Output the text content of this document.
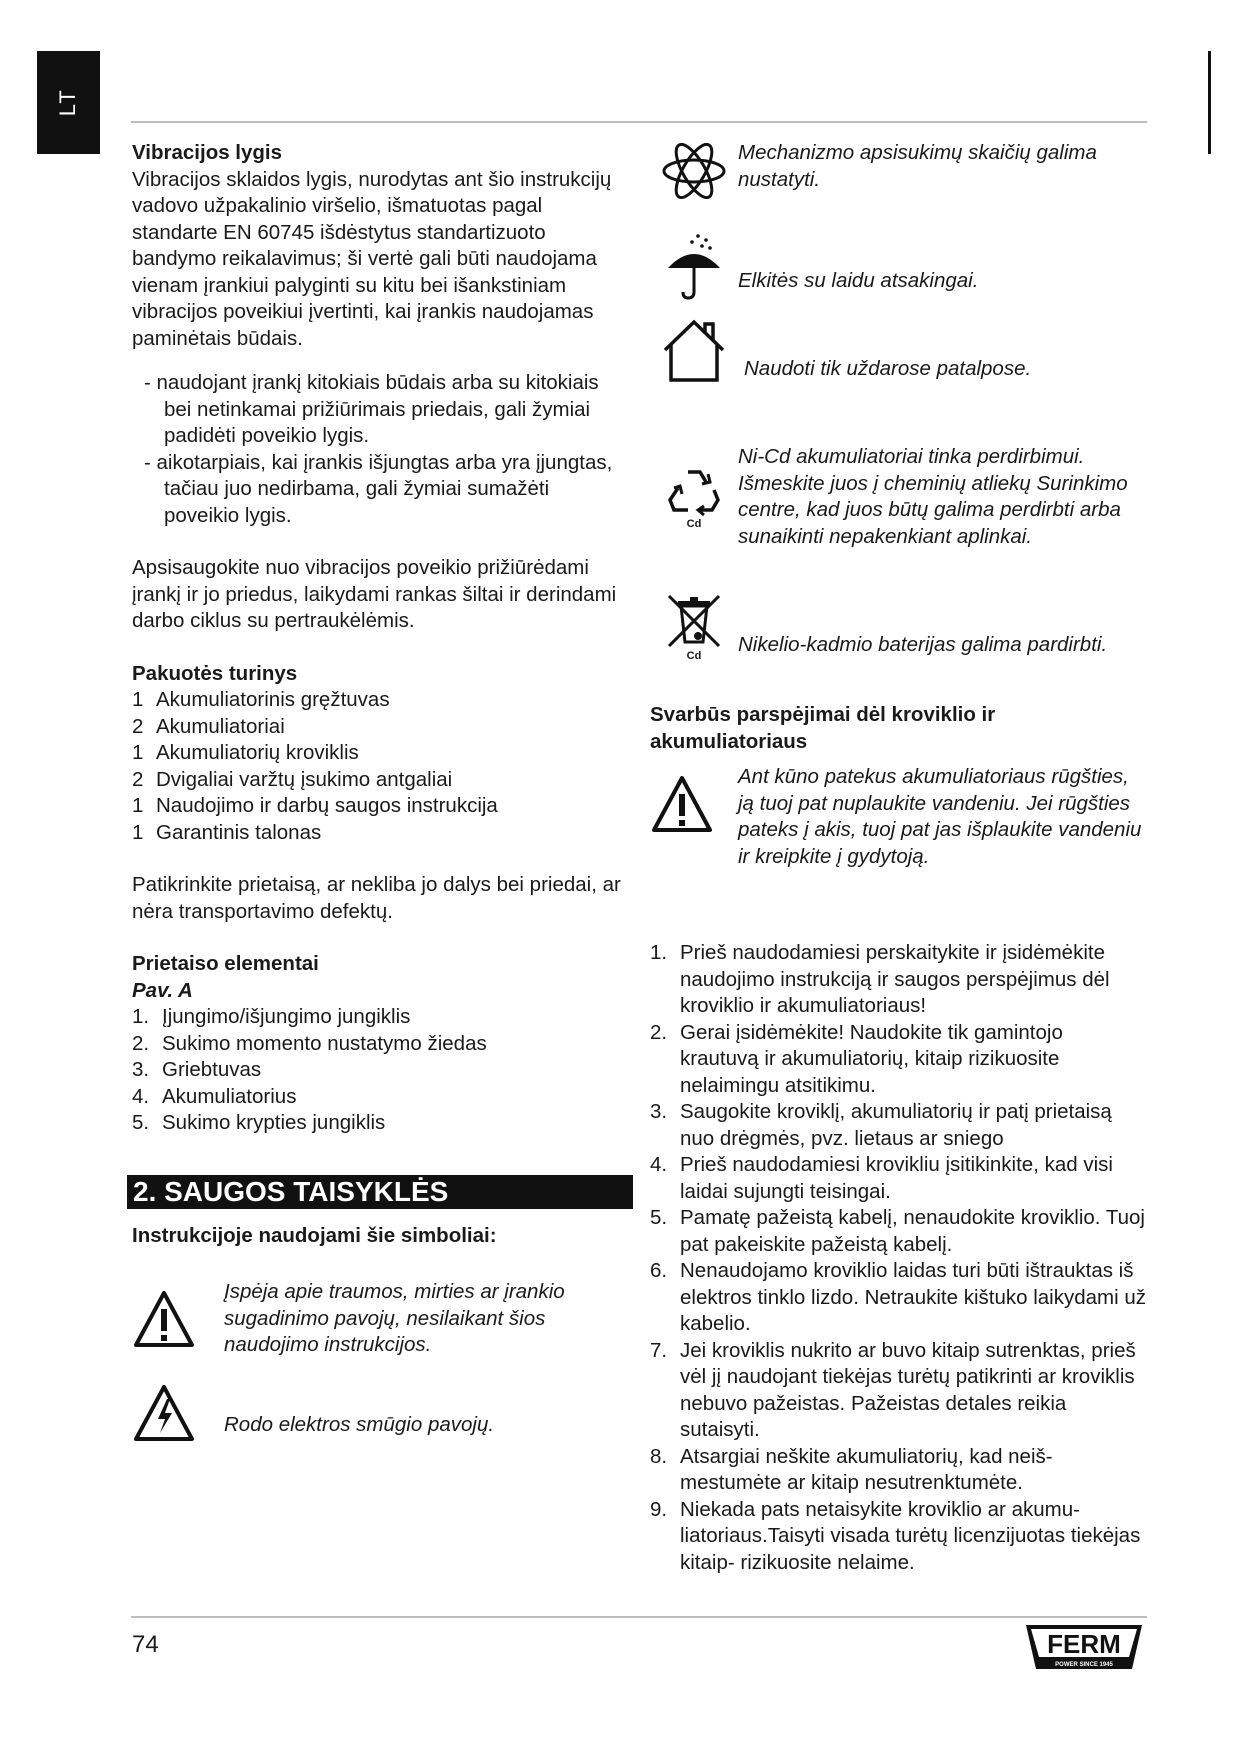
LT

Vibracijos lygis

Vibracijos sklaidos lygis, nurodytas ant šio instrukcijų vadovo užpakalinio viršelio, išmatuotas pagal standarte EN 60745 išdėstytus standartizuoto bandymo reikalavimus; ši vertė gali būti naudojama vienam įrankiui palyginti su kitu bei išankstiniam vibracijos poveikiui įvertinti, kai įrankis naudojamas paminėtais būdais.

- naudojant įrankį kitokiais būdais arba su kitokiais bei netinkamai prižiūrimais priedais, gali žymiai padidėti poveikio lygis.

- aikotarpiais, kai įrankis išjungtas arba yra įjungtas, tačiau juo nedirbama, gali žymiai sumažėti poveikio lygis.

Apsisaugokite nuo vibracijos poveikio prižiūrėdami įrankį ir jo priedus, laikydami rankas šiltai ir derindami darbo ciklus su pertraukėlėmis.

Pakuotės turinys

1 Akumuliatorinis gręžtuvas
2 Akumuliatoriai
1 Akumuliatorių kroviklis
2 Dvigaliai varžtų įsukimo antgaliai
1 Naudojimo ir darbų saugos instrukcija
1 Garantinis talonas

Patikrinkite prietaisą, ar nekliba jo dalys bei priedai, ar nėra transportavimo defektų.

Prietaiso elementai

Pav. A

1. Įjungimo/išjungimo jungiklis
2. Sukimo momento nustatymo žiedas
3. Griebtuvas
4. Akumuliatorius
5. Sukimo krypties jungiklis
2. SAUGOS TAISYKLĖS

Instrukcijoje naudojami šie simboliai:

Įspėja apie traumos, mirties ar įrankio sugadinimo pavojų, nesilaikant šios naudojimo instrukcijos.

Rodo elektros smūgio pavojų.

Mechanizmo apsisukimų skaičių galima nustatyti.

Elkitės su laidu atsakingai.

Naudoti tik uždarose patalpose.

Cd

Ni-Cd akumuliatoriai tinka perdirbimui. Išmeskite juos į cheminių atliekų Surinkimo centre, kad juos būtų galima perdirbti arba sunaikinti nepakenkiant aplinkai.

Cd Nikelio-kadmio baterijas galima pardirbti.

Svarbūs parspėjimai dėl kroviklio ir akumuliatoriaus

Ant kūno patekus akumuliatoriaus rūgšties, ją tuoj pat nuplaukite vandeniu. Jei rūgšties pateks į akis, tuoj pat jas išplaukite vandeniu ir kreipkite į gydytoją.

1. Prieš naudodamiesi perskaitykite ir įsidėmėkite naudojimo instrukciją ir saugos perspėjimus dėl kroviklio ir akumuliatoriaus!
2. Gerai įsidėmėkite! Naudokite tik gamintojo krautuvą ir akumuliatorių, kitaip rizikuosite nelaimingu atsitikimu.
3. Saugokite kroviklį, akumuliatorių ir patį prietaisą nuo drėgmės, pvz. lietaus ar sniego
4. Prieš naudodamiesi krovikliu įsitikinkite, kad visi laidai sujungti teisingai.
5. Pamatę pažeistą kabelį, nenaudokite kroviklio. Tuoj pat pakeiskite pažeistą kabelį.
6. Nenaudojamo kroviklio laidas turi būti ištrauktas iš elektros tinklo lizdo. Netraukite kištuko laikydami už kabelio.
7. Jei kroviklis nukrito ar buvo kitaip sutrenktas, prieš vėl jį naudojant tiekėjas turėtų patikrinti ar kroviklis nebuvo pažeistas. Pažeistas detales reikia sutaisyti.
8. Atsargiai neškite akumuliatorių, kad neiš- mestumėte ar kitaip nesutrenktumėte.
9. Niekada pats netaisykite kroviklio ar akumu- liatoriaus.Taisyti visada turėtų licenzijuotas tiekėjas kitaip- rizikuosite nelaime.
74	FERM
POWER SINCE 1945
